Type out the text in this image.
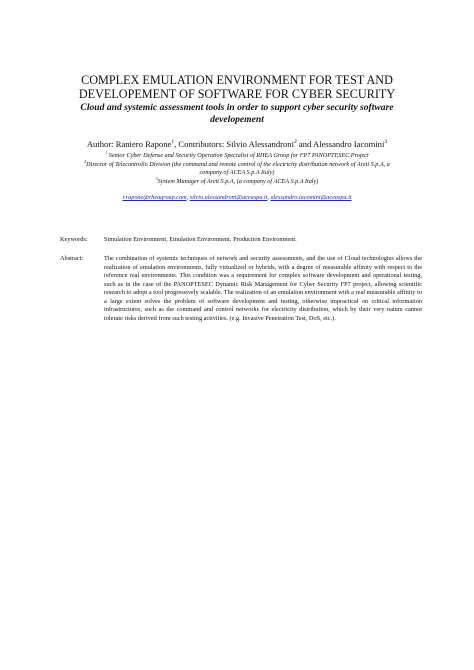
COMPLEX EMULATION ENVIRONMENT FOR TEST AND
DEVELOPEMENT OF SOFTWARE FOR CYBER SECURITY
Cloud and systemic assessment tools in order to support cyber security software
developement
Author: Raniero Rapone$^1$, Contributors: Silvio Alessandroni$^2$ and Alessandro Iacomini$^3$
$^1$ Senior Cyber Defense and Security Operation Specialist of RHEA Group for FP7 PANOPTESEC Project
$^2$Director of Telecontrollo Division (the command and remote control of the electricity distribution network of Areti S.p.A, a
company of ACEA S.p.A Italy)
$^3$System Manager of Areti S.p.A, (a company of ACEA S.p.A Italy)
r.rapone@rheagroup.com, silvio.alessandroni@aceaspa.it, alessandro.iacomini@aceaspa.it
Keywords:	Simulation Environment, Emulation Environment, Production Environment.
Abstract:	The combination of systemic techniques of network and security assessments, and the use of Cloud technologies allows the realization of emulation environments, fully virtualized or hybrids, with a degree of measurable affinity with respect to the reference real environments. This condition was a requirement for complex software development and operational testing, such as in the case of the PANOPTESEC Dynamic Risk Management for Cyber Security FP7 project, allowing scientific research to adopt a tool progressively scalable. The realization of an emulation environment with a real measurable affinity to a large extent solves the problem of software development and testing, otherwise impractical on critical information infrastructures, such as the command and control networks for electricity distribution, which by their very nature cannot tolerate risks derived from such testing activities. (e.g. Invasive Penetration Test, DoS, etc.).
